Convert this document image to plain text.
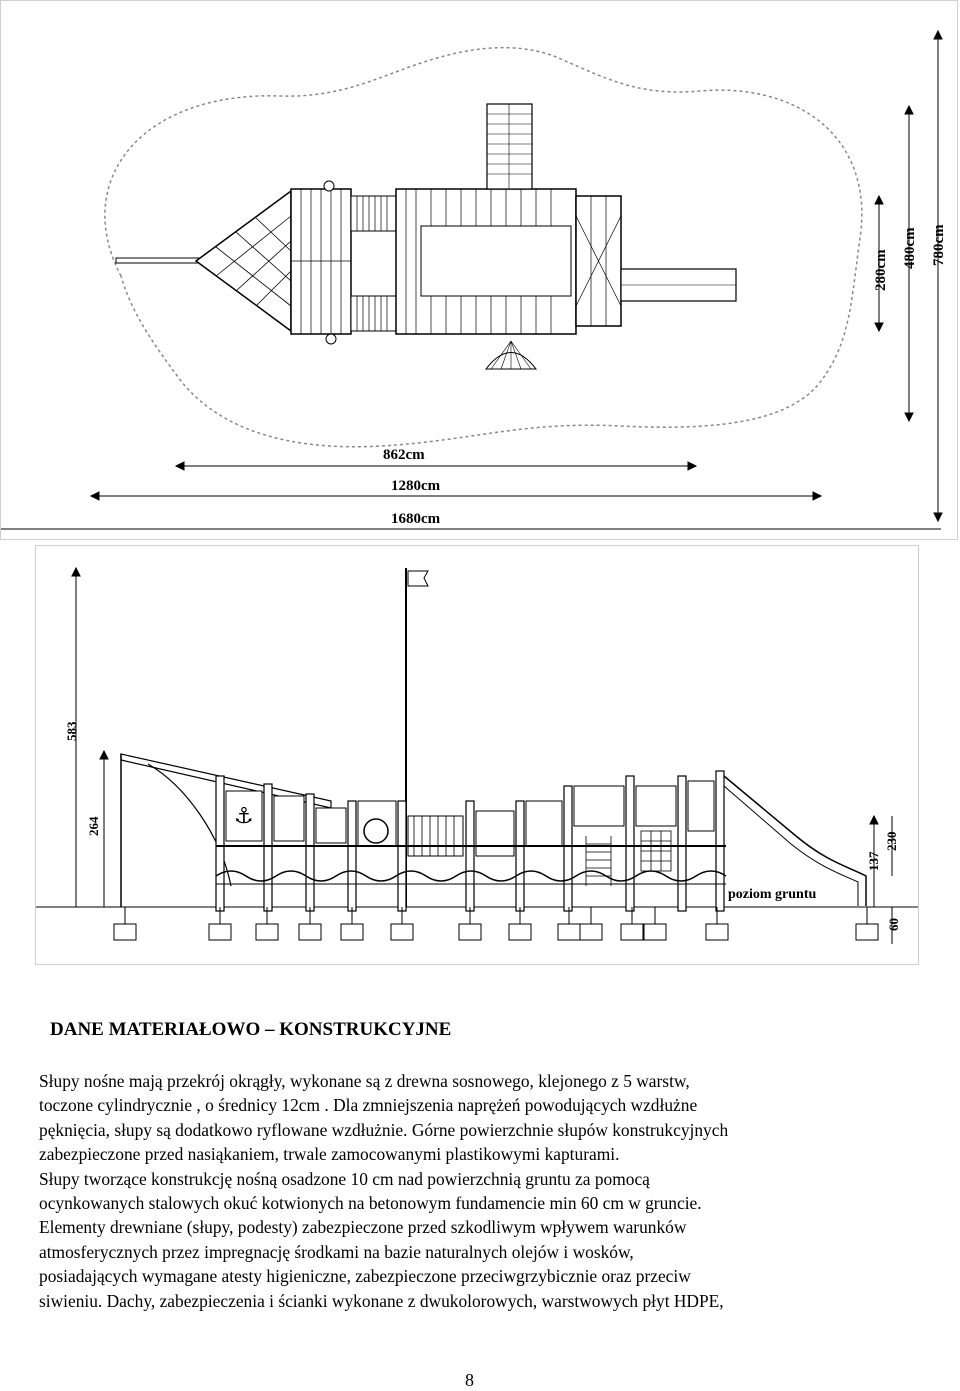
862cm
1280cm
1680cm
280cm
480cm 780cm
583
264	⚓
230
137
60
poziom gruntu
DANE MATERIAŁOWO – KONSTRUKCYJNE

Słupy nośne mają przekrój okrągły, wykonane są z drewna sosnowego, klejonego z 5 warstw,
toczone cylindrycznie , o średnicy 12cm . Dla zmniejszenia naprężeń powodujących wzdłużne
pęknięcia, słupy są dodatkowo ryflowane wzdłużnie. Górne powierzchnie słupów konstrukcyjnych
zabezpieczone przed nasiąkaniem, trwale zamocowanymi plastikowymi kapturami.
Słupy tworzące konstrukcję nośną osadzone 10 cm nad powierzchnią gruntu za pomocą
ocynkowanych stalowych okuć kotwionych na betonowym fundamencie min 60 cm w gruncie.
Elementy drewniane (słupy, podesty) zabezpieczone przed szkodliwym wpływem warunków
atmosferycznych przez impregnację środkami na bazie naturalnych olejów i wosków,
posiadających wymagane atesty higieniczne, zabezpieczone przeciwgrzybicznie oraz przeciw
siwieniu. Dachy, zabezpieczenia i ścianki wykonane z dwukolorowych, warstwowych płyt HDPE,

8
